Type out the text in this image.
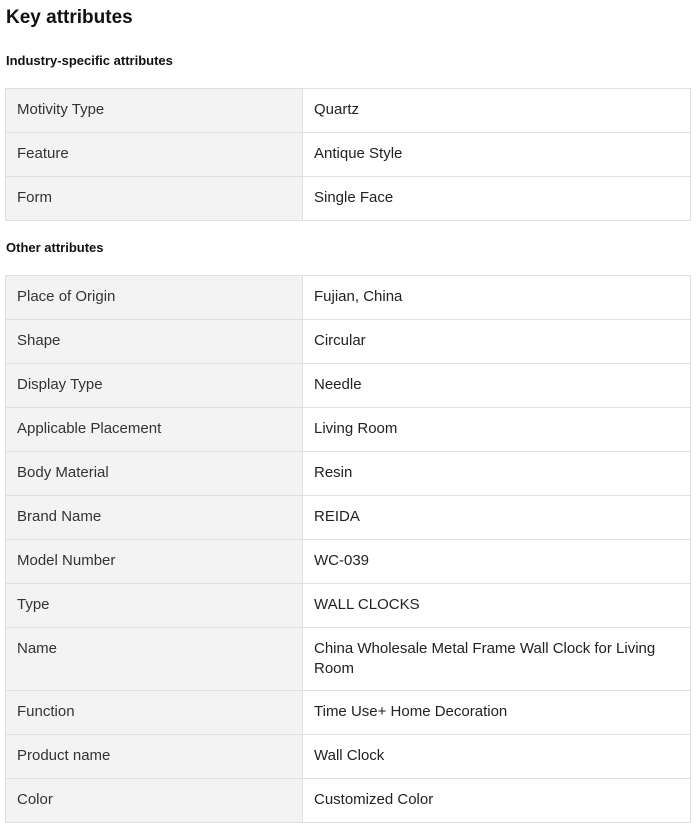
Key attributes
Industry-specific attributes
Motivity Type	Quartz
Feature	Antique Style
Form	Single Face
Other attributes
Place of Origin	Fujian, China
Shape	Circular
Display Type	Needle
Applicable Placement	Living Room
Body Material	Resin
Brand Name	REIDA
Model Number	WC-039
Type	WALL CLOCKS
Name	China Wholesale Metal Frame Wall Clock for Living Room
Function	Time Use+ Home Decoration
Product name	Wall Clock
Color	Customized Color
